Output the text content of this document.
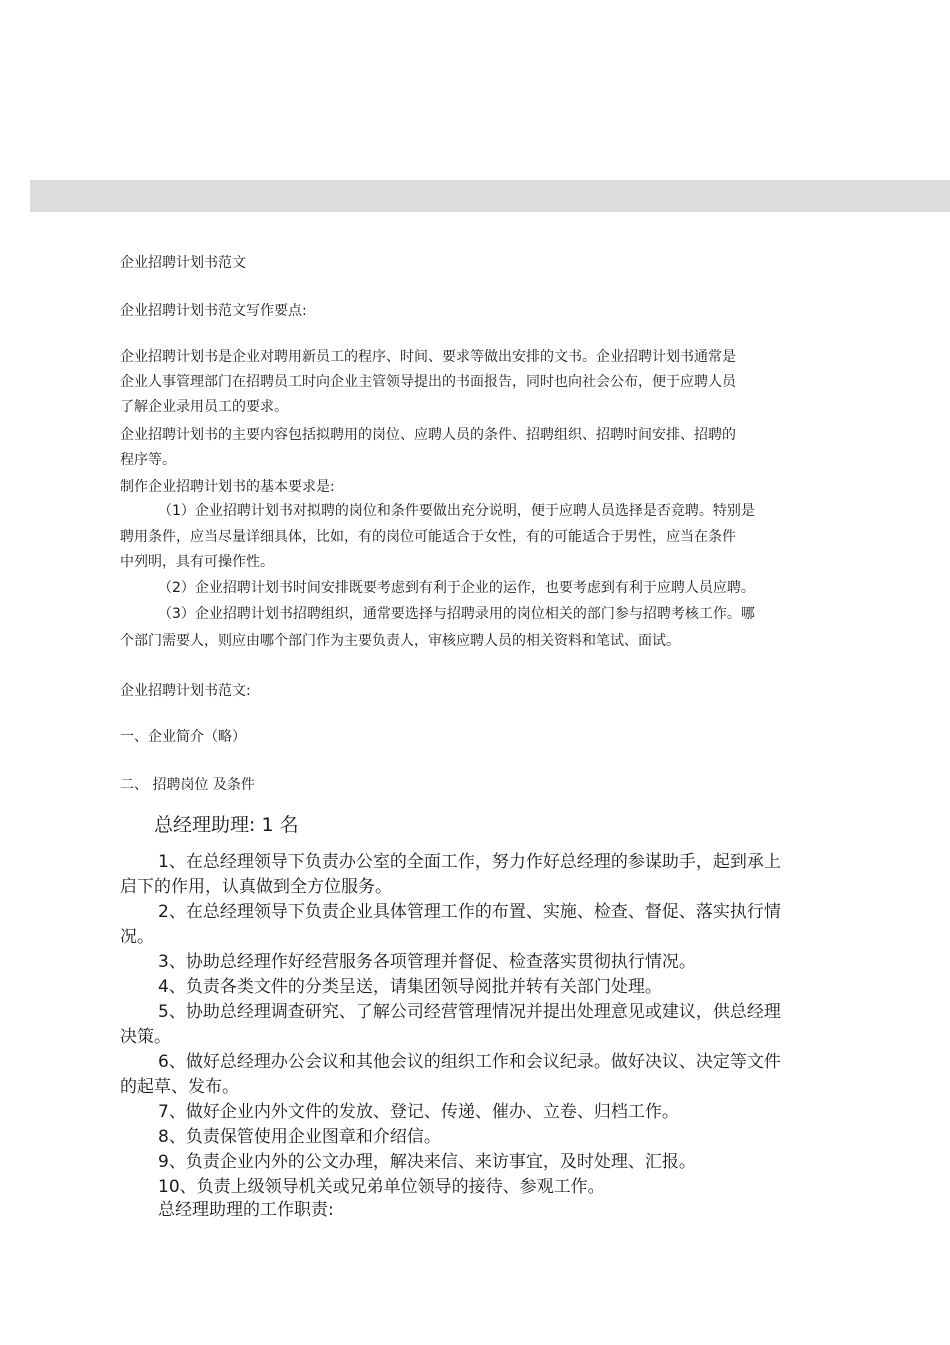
企业招聘计划书范文
企业招聘计划书范文写作要点:
企业招聘计划书是企业对聘用新员工的程序、时间、要求等做出安排的文书。企业招聘计划书通常是
企业人事管理部门在招聘员工时向企业主管领导提出的书面报告，同时也向社会公布，便于应聘人员
了解企业录用员工的要求。
企业招聘计划书的主要内容包括拟聘用的岗位、应聘人员的条件、招聘组织、招聘时间安排、招聘的
程序等。
制作企业招聘计划书的基本要求是:
（1）企业招聘计划书对拟聘的岗位和条件要做出充分说明，便于应聘人员选择是否竞聘。特别是
聘用条件，应当尽量详细具体，比如，有的岗位可能适合于女性，有的可能适合于男性，应当在条件
中列明，具有可操作性。
（2）企业招聘计划书时间安排既要考虑到有利于企业的运作，也要考虑到有利于应聘人员应聘。
（3）企业招聘计划书招聘组织，通常要选择与招聘录用的岗位相关的部门参与招聘考核工作。哪
个部门需要人，则应由哪个部门作为主要负责人，审核应聘人员的相关资料和笔试、面试。
企业招聘计划书范文:
一、企业简介（略）
二、 招聘岗位 及条件
总经理助理: 1 名
1、在总经理领导下负责办公室的全面工作，努力作好总经理的参谋助手，起到承上
启下的作用，认真做到全方位服务。
2、在总经理领导下负责企业具体管理工作的布置、实施、检查、督促、落实执行情
况。
3、协助总经理作好经营服务各项管理并督促、检查落实贯彻执行情况。
4、负责各类文件的分类呈送，请集团领导阅批并转有关部门处理。
5、协助总经理调查研究、了解公司经营管理情况并提出处理意见或建议，供总经理
决策。
6、做好总经理办公会议和其他会议的组织工作和会议纪录。做好决议、决定等文件
的起草、发布。
7、做好企业内外文件的发放、登记、传递、催办、立卷、归档工作。
8、负责保管使用企业图章和介绍信。
9、负责企业内外的公文办理，解决来信、来访事宜，及时处理、汇报。
10、负责上级领导机关或兄弟单位领导的接待、参观工作。
总经理助理的工作职责:
